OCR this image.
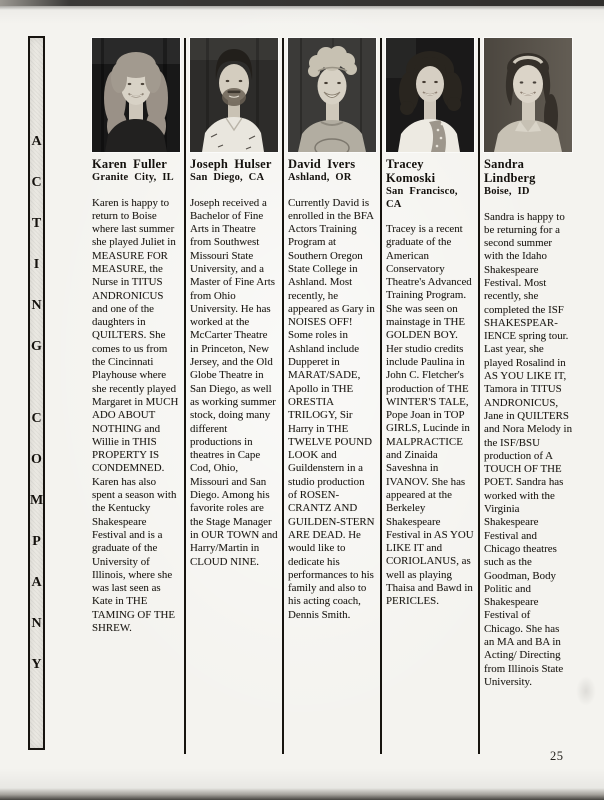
A
C
T
I
N
G
C
O
M
P
A
N
Y
Karen Fuller
Granite City, IL
Karen is happy to return to Boise where last summer she played Juliet in MEASURE FOR MEASURE, the Nurse in TITUS ANDRONICUS and one of the daughters in QUILTERS. She comes to us from the Cincinnati Playhouse where she recently played Margaret in MUCH ADO ABOUT NOTHING and Willie in THIS PROPERTY IS CONDEMNED. Karen has also spent a season with the Kentucky Shakespeare Festival and is a graduate of the University of Illinois, where she was last seen as Kate in THE TAMING OF THE SHREW.
Joseph Hulser
San Diego, CA
Joseph received a Bachelor of Fine Arts in Theatre from Southwest Missouri State University, and a Master of Fine Arts from Ohio University. He has worked at the McCarter Theatre in Princeton, New Jersey, and the Old Globe Theatre in San Diego, as well as working summer stock, doing many different productions in theatres in Cape Cod, Ohio, Missouri and San Diego. Among his favorite roles are the Stage Manager in OUR TOWN and Harry/Martin in CLOUD NINE.
David Ivers
Ashland, OR
Currently David is enrolled in the BFA Actors Training Program at Southern Oregon State College in Ashland. Most recently, he appeared as Gary in NOISES OFF! Some roles in Ashland include Dupperet in MARAT/SADE, Apollo in THE ORESTIA TRILOGY, Sir Harry in THE TWELVE POUND LOOK and Guildenstern in a studio production of ROSEN-CRANTZ AND GUILDEN-STERN ARE DEAD. He would like to dedicate his performances to his family and also to his acting coach, Dennis Smith.
Tracey Komoski
San Francisco, CA
Tracey is a recent graduate of the American Conservatory Theatre's Advanced Training Program. She was seen on mainstage in THE GOLDEN BOY. Her studio credits include Paulina in John C. Fletcher's production of THE WINTER'S TALE, Pope Joan in TOP GIRLS, Lucinde in MALPRACTICE and Zinaida Saveshna in IVANOV. She has appeared at the Berkeley Shakespeare Festival in AS YOU LIKE IT and CORIOLANUS, as well as playing Thaisa and Bawd in PERICLES.
Sandra Lindberg
Boise, ID
Sandra is happy to be returning for a second summer with the Idaho Shakespeare Festival. Most recently, she completed the ISF SHAKESPEAR-IENCE spring tour. Last year, she played Rosalind in AS YOU LIKE IT, Tamora in TITUS ANDRONICUS, Jane in QUILTERS and Nora Melody in the ISF/BSU production of A TOUCH OF THE POET. Sandra has worked with the Virginia Shakespeare Festival and Chicago theatres such as the Goodman, Body Politic and Shakespeare Festival of Chicago. She has an MA and BA in Acting/ Directing from Illinois State University.
25
